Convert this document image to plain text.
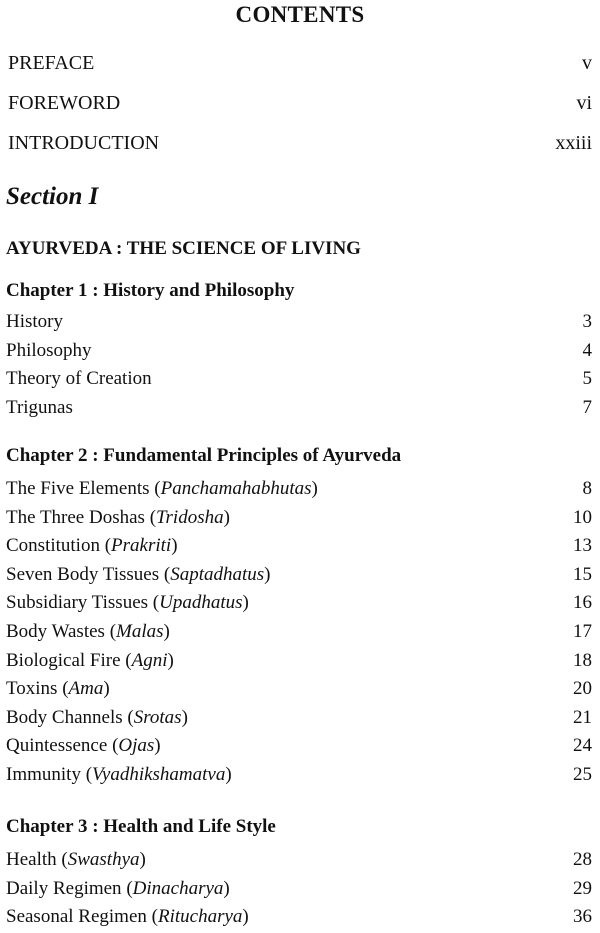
CONTENTS
PREFACE	v
FOREWORD	vi
INTRODUCTION	xxiii
Section I
AYURVEDA : THE SCIENCE OF LIVING
Chapter 1 : History and Philosophy
History	3
Philosophy	4
Theory of Creation	5
Trigunas	7
Chapter 2 : Fundamental Principles of Ayurveda
The Five Elements (Panchamahabhutas)	8
The Three Doshas (Tridosha)	10
Constitution (Prakriti)	13
Seven Body Tissues (Saptadhatus)	15
Subsidiary Tissues (Upadhatus)	16
Body Wastes (Malas)	17
Biological Fire (Agni)	18
Toxins (Ama)	20
Body Channels (Srotas)	21
Quintessence (Ojas)	24
Immunity (Vyadhikshamatva)	25
Chapter 3 : Health and Life Style
Health (Swasthya)	28
Daily Regimen (Dinacharya)	29
Seasonal Regimen (Ritucharya)	36
